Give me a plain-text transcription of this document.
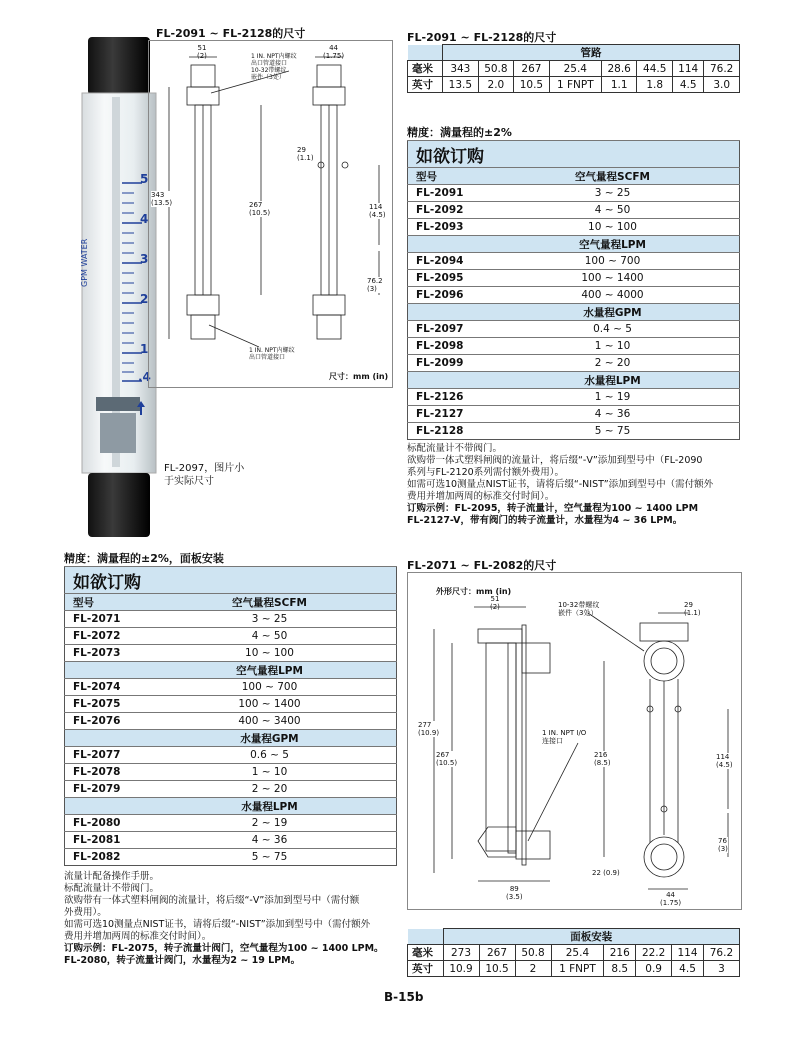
FL-2091 ~ FL-2128的尺寸
5
4
3
2
1
.4
GPM WATER
FL-2097，图片小
于实际尺寸
51
(2)
44
(1.75)
343
(13.5)	267
(10.5)
29
(1.1)
114
(4.5)
76.2
(3)
1 IN. NPT内螺纹
出口管道接口
10-32带螺纹
嵌件（3处）
1 IN. NPT内螺纹
出口管道接口
尺寸：mm (in)
FL-2091 ~ FL-2128的尺寸
	管路							
毫米	343	50.8	267	25.4	28.6	44.5	114	76.2
英寸	13.5	2.0	10.5	1 FNPT	1.1	1.8	4.5	3.0
精度：满量程的±2%
如欲订购	
型号	空气量程SCFM
FL-2091	3 ~ 25
FL-2092	4 ~ 50
FL-2093	10 ~ 100
	空气量程LPM
FL-2094	100 ~ 700
FL-2095	100 ~ 1400
FL-2096	400 ~ 4000
	水量程GPM
FL-2097	0.4 ~ 5
FL-2098	1 ~ 10
FL-2099	2 ~ 20
	水量程LPM
FL-2126	1 ~ 19
FL-2127	4 ~ 36
FL-2128	5 ~ 75
标配流量计不带阀门。
欲购带一体式塑料闸阀的流量计，将后缀“-V”添加到型号中（FL-2090
系列与FL-2120系列需付额外费用）。
如需可选10测量点NIST证书，请将后缀“-NIST”添加到型号中（需付额外
费用并增加两周的标准交付时间）。
订购示例：FL-2095，转子流量计，空气量程为100 ~ 1400 LPM
FL-2127-V，带有阀门的转子流量计，水量程为4 ~ 36 LPM。
精度：满量程的±2%，面板安装
如欲订购	
型号	空气量程SCFM
FL-2071	3 ~ 25
FL-2072	4 ~ 50
FL-2073	10 ~ 100
	空气量程LPM
FL-2074	100 ~ 700
FL-2075	100 ~ 1400
FL-2076	400 ~ 3400
	水量程GPM
FL-2077	0.6 ~ 5
FL-2078	1 ~ 10
FL-2079	2 ~ 20
	水量程LPM
FL-2080	2 ~ 19
FL-2081	4 ~ 36
FL-2082	5 ~ 75
流量计配备操作手册。
标配流量计不带阀门。
欲购带有一体式塑料闸阀的流量计，将后缀“-V”添加到型号中（需付额
外费用）。
如需可选10测量点NIST证书，请将后缀“-NIST”添加到型号中（需付额外
费用并增加两周的标准交付时间）。
订购示例：FL-2075，转子流量计阀门，空气量程为100 ~ 1400 LPM。
FL-2080，转子流量计阀门，水量程为2 ~ 19 LPM。
FL-2071 ~ FL-2082的尺寸
外形尺寸：mm (in)
51
(2)	29
(1.1)
277
(10.9)
267
(10.5)
216
(8.5)
114
(4.5)
76
(3)
22 (0.9)
89
(3.5)	44
(1.75)
10-32带螺纹
嵌件（3处）
1 IN. NPT I/O
连接口
	面板安装							
毫米	273	267	50.8	25.4	216	22.2	114	76.2
英寸	10.9	10.5	2	1 FNPT	8.5	0.9	4.5	3
B-15b
